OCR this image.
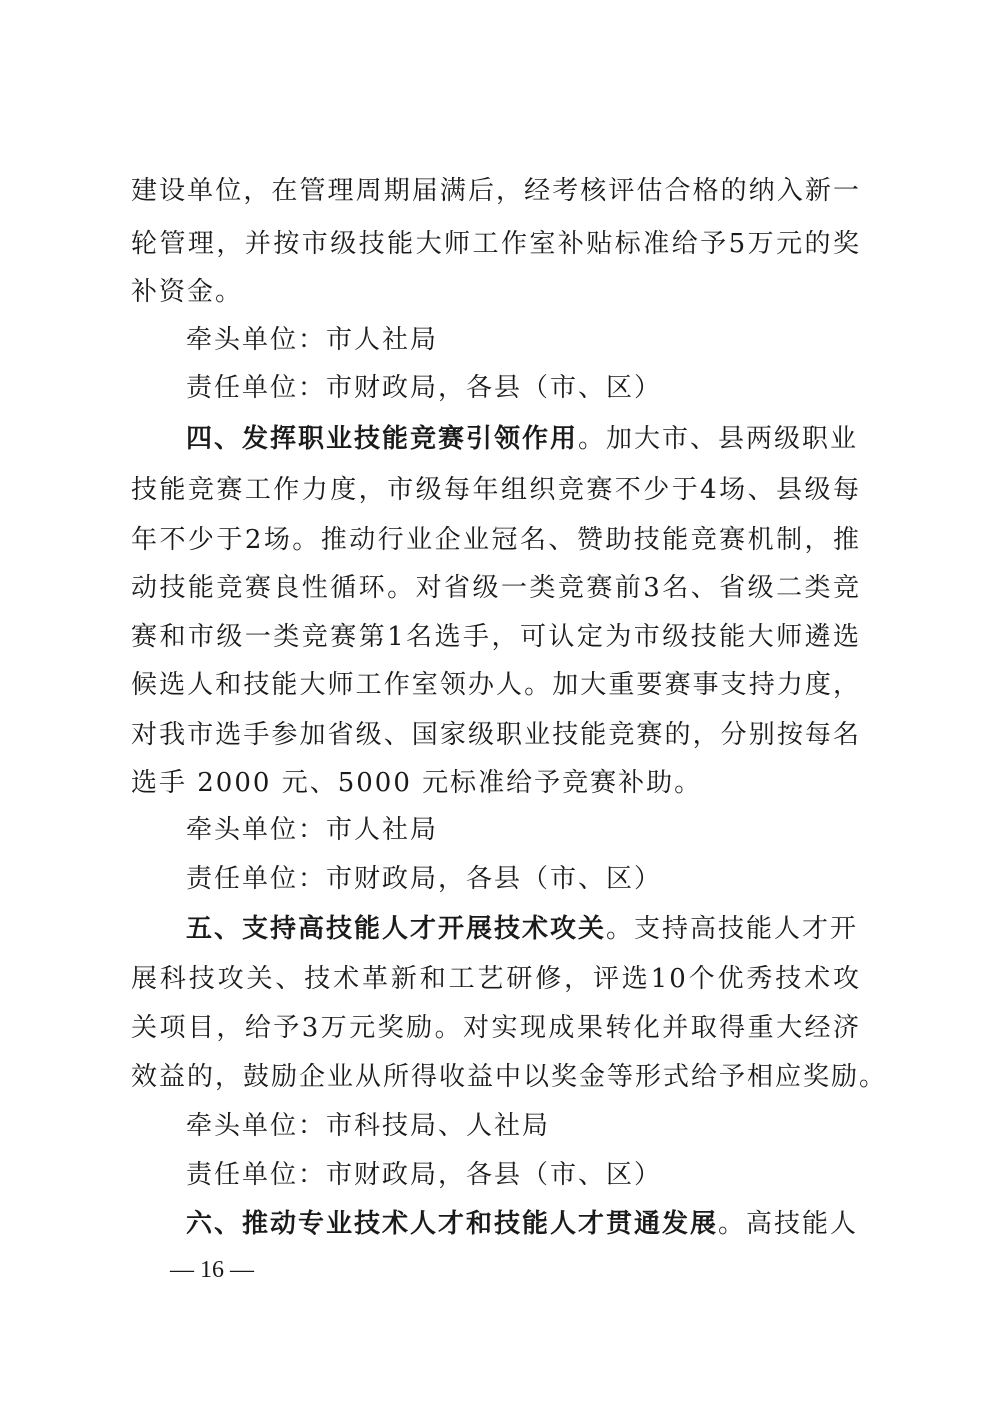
建设单位，在管理周期届满后，经考核评估合格的纳入新一
轮管理，并按市级技能大师工作室补贴标准给予5万元的奖
补资金。
牵头单位：市人社局
责任单位：市财政局，各县（市、区）
四、发挥职业技能竞赛引领作用。加大市、县两级职业
技能竞赛工作力度，市级每年组织竞赛不少于4场、县级每
年不少于2场。推动行业企业冠名、赞助技能竞赛机制，推
动技能竞赛良性循环。对省级一类竞赛前3名、省级二类竞
赛和市级一类竞赛第1名选手，可认定为市级技能大师遴选
候选人和技能大师工作室领办人。加大重要赛事支持力度，
对我市选手参加省级、国家级职业技能竞赛的，分别按每名
选手 2000 元、5000 元标准给予竞赛补助。
牵头单位：市人社局
责任单位：市财政局，各县（市、区）
五、支持高技能人才开展技术攻关。支持高技能人才开
展科技攻关、技术革新和工艺研修，评选10个优秀技术攻
关项目，给予3万元奖励。对实现成果转化并取得重大经济
效益的，鼓励企业从所得收益中以奖金等形式给予相应奖励。
牵头单位：市科技局、人社局
责任单位：市财政局，各县（市、区）
六、推动专业技术人才和技能人才贯通发展。高技能人
— 16 —
